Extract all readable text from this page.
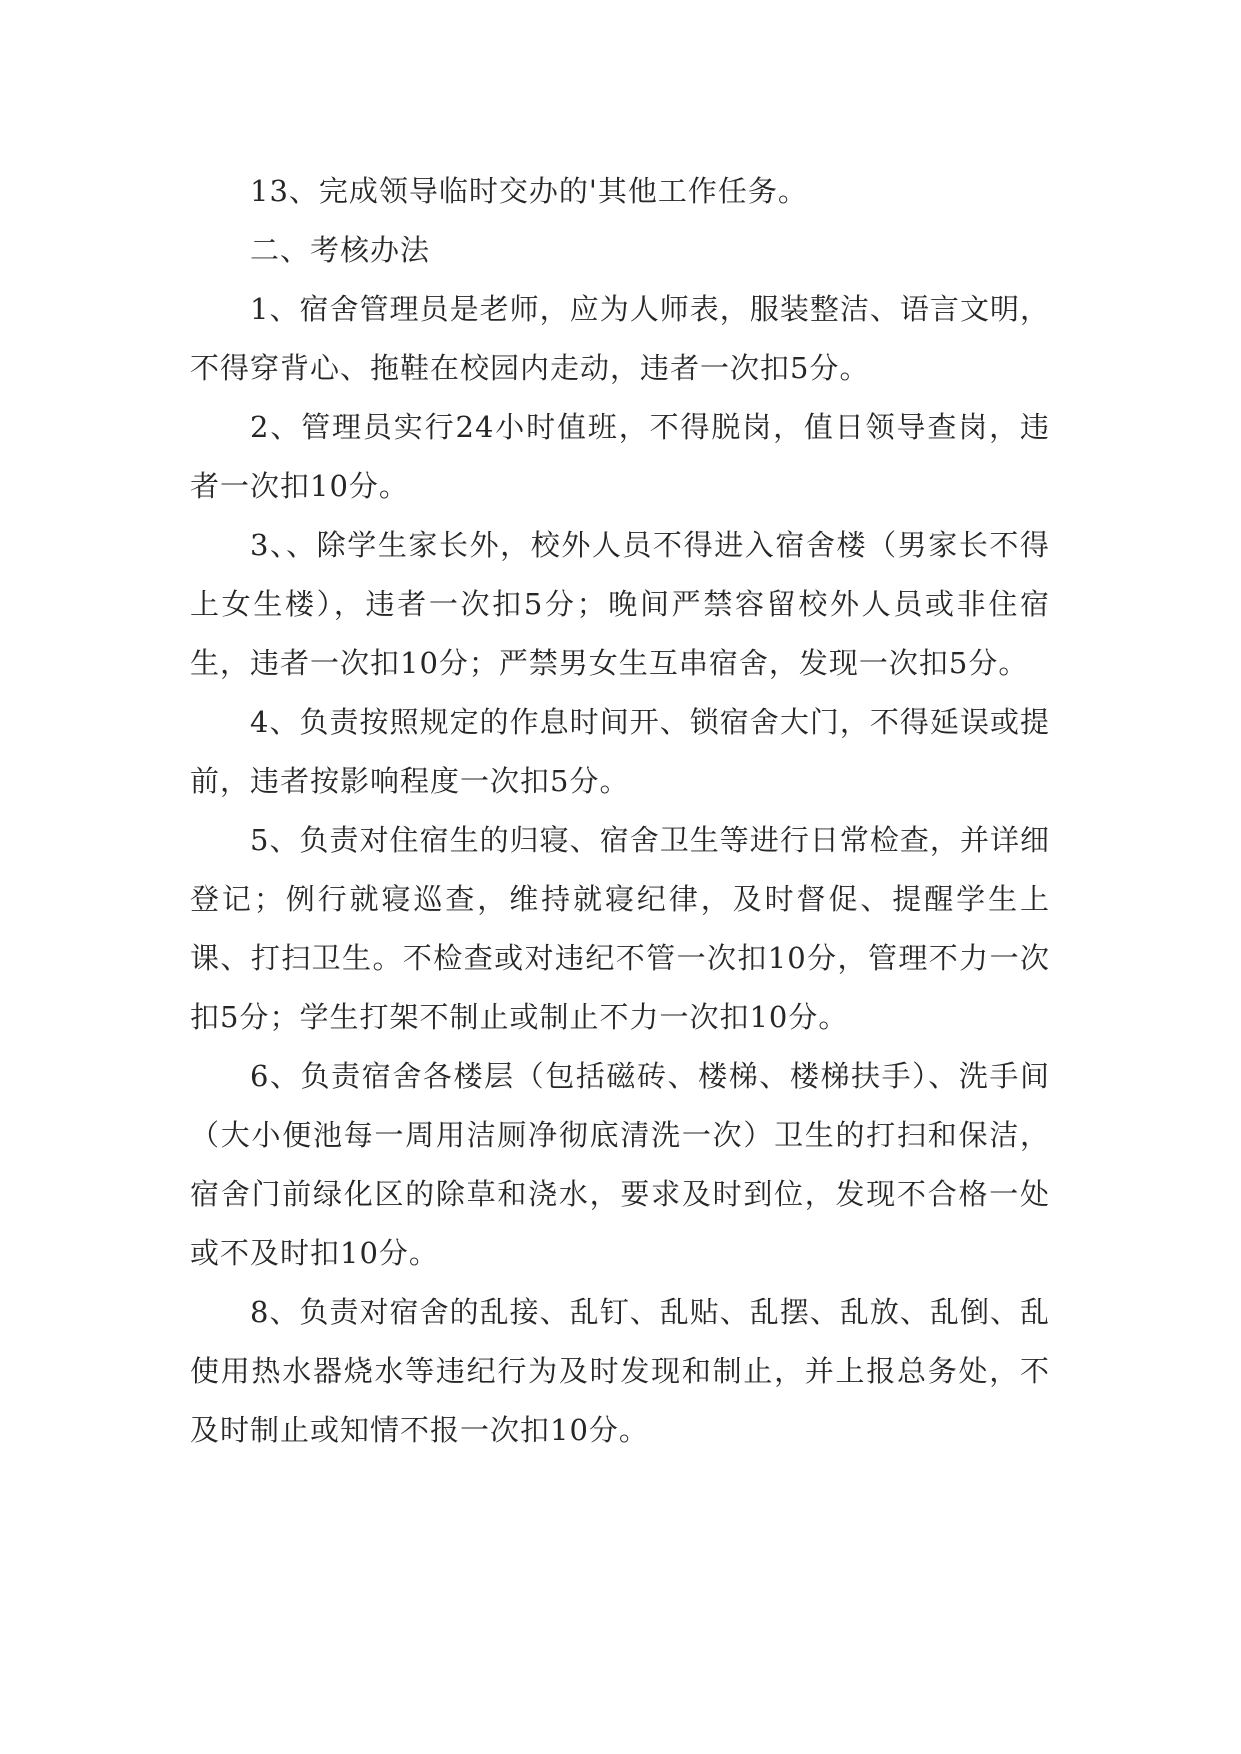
13、完成领导临时交办的'其他工作任务。

二、考核办法

1、宿舍管理员是老师，应为人师表，服装整洁、语言文明，不得穿背心、拖鞋在校园内走动，违者一次扣5分。

2、管理员实行24小时值班，不得脱岗，值日领导查岗，违者一次扣10分。

3、、除学生家长外，校外人员不得进入宿舍楼（男家长不得上女生楼），违者一次扣5分；晚间严禁容留校外人员或非住宿生，违者一次扣10分；严禁男女生互串宿舍，发现一次扣5分。

4、负责按照规定的作息时间开、锁宿舍大门，不得延误或提前，违者按影响程度一次扣5分。

5、负责对住宿生的归寝、宿舍卫生等进行日常检查，并详细登记；例行就寝巡查，维持就寝纪律，及时督促、提醒学生上课、打扫卫生。不检查或对违纪不管一次扣10分，管理不力一次扣5分；学生打架不制止或制止不力一次扣10分。

6、负责宿舍各楼层（包括磁砖、楼梯、楼梯扶手）、洗手间（大小便池每一周用洁厕净彻底清洗一次）卫生的打扫和保洁，宿舍门前绿化区的除草和浇水，要求及时到位，发现不合格一处或不及时扣10分。

8、负责对宿舍的乱接、乱钉、乱贴、乱摆、乱放、乱倒、乱使用热水器烧水等违纪行为及时发现和制止，并上报总务处，不及时制止或知情不报一次扣10分。
